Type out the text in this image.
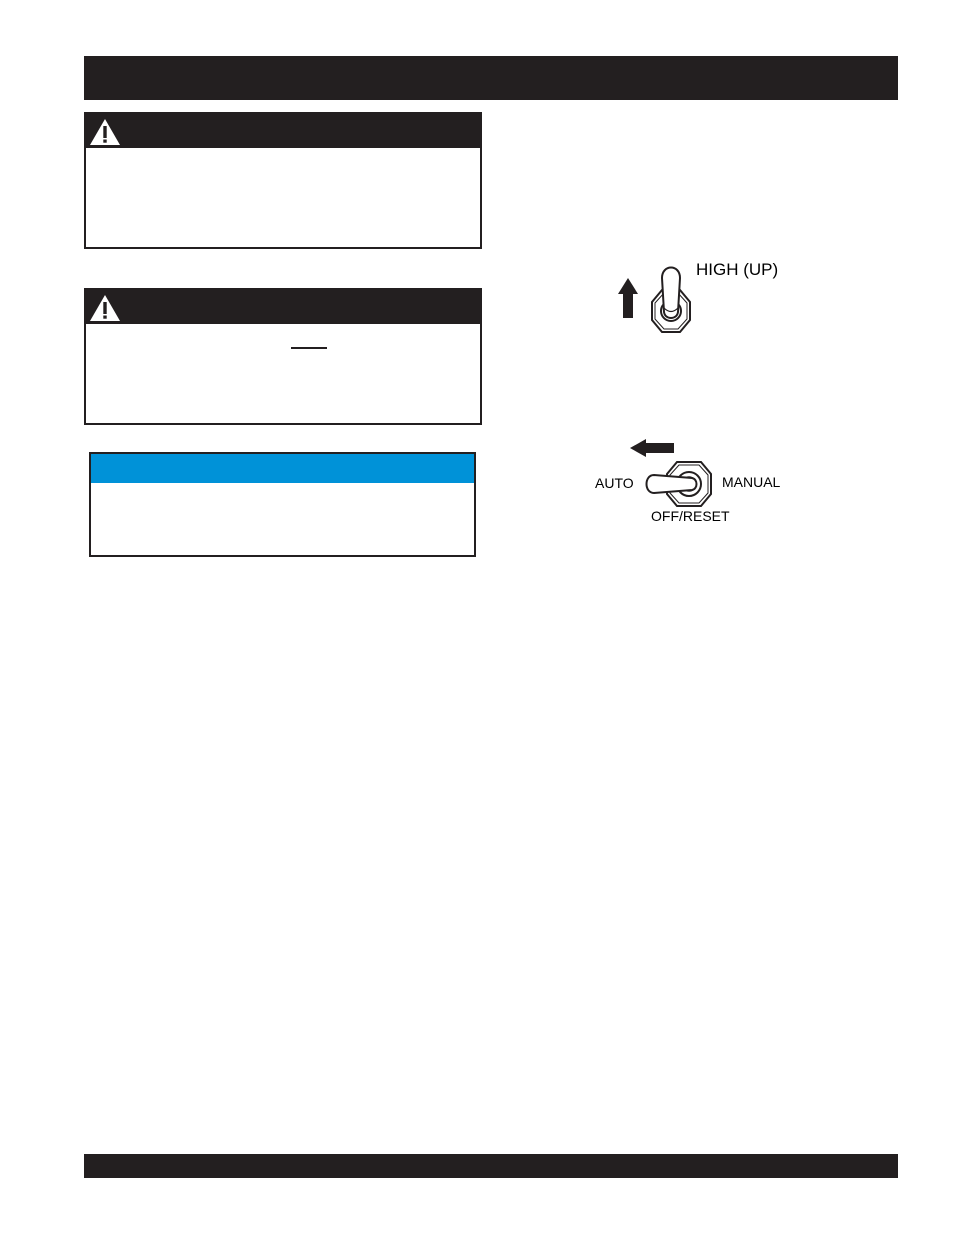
HIGH (UP)
AUTO	MANUAL
OFF/RESET
